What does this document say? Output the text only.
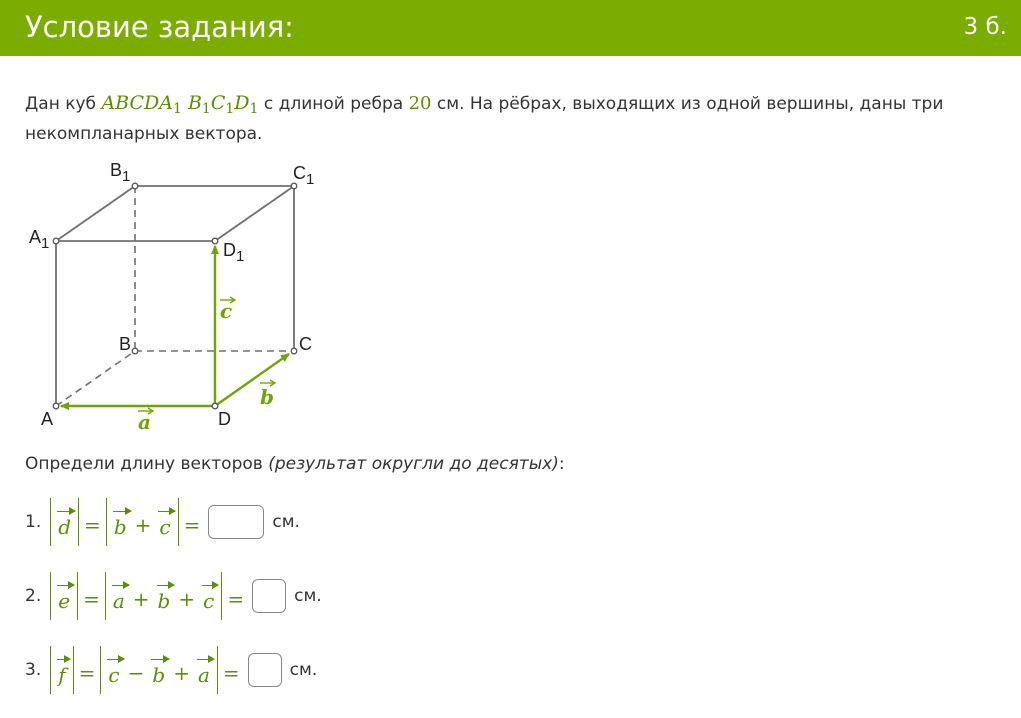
Условие задания:	3 б.
Дан куб $ABCDA_1$ $B_1C_1D_1$ с длиной ребра 20 см. На рёбрах, выходящих из одной вершины, даны три некомпланарных вектора.
$B_1$	$C_1$
$A_1$	$D_1$
B	C
A	D
a
b
c
Определи длину векторов (результат округли до десятых):
1. d = b + c =	см.
2. e = a + b + c =	см.
3. f = c − b + a =	см.
